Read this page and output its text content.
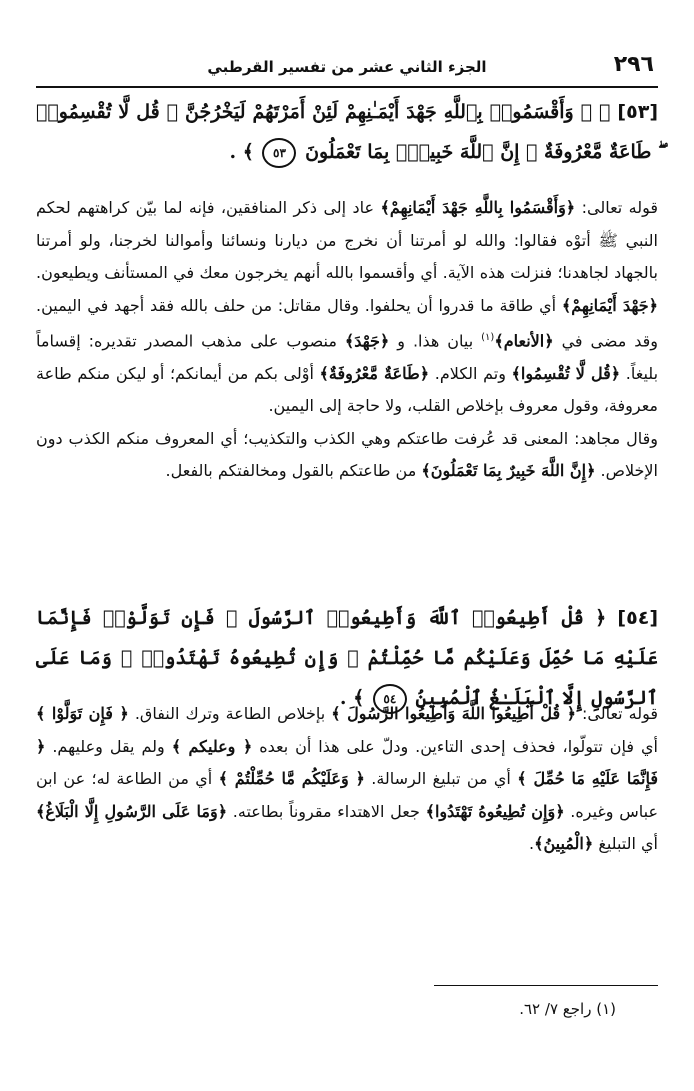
٢٩٦
الجزء الثاني عشر من تفسير القرطبي
[٥٣] ﴿ ۞ وَأَقْسَمُوا۟ بِٱللَّهِ جَهْدَ أَيْمَـٰنِهِمْ لَئِنْ أَمَرْتَهُمْ لَيَخْرُجُنَّ ۖ قُل لَّا تُقْسِمُوا۟ ۖ طَاعَةٌ مَّعْرُوفَةٌ ۚ إِنَّ ٱللَّهَ خَبِيرٌۢ بِمَا تَعْمَلُونَ ٥٣ ﴾ .
قوله تعالى: ﴿وَأَقْسَمُوا بِاللَّهِ جَهْدَ أَيْمَانِهِمْ﴾ عاد إلى ذكر المنافقين، فإنه لما بيّن كراهتهم لحكم النبي ﷺ أتوْه فقالوا: والله لو أمرتنا أن نخرج من ديارنا ونسائنا وأموالنا لخرجنا، ولو أمرتنا بالجهاد لجاهدنا؛ فنزلت هذه الآية. أي وأقسموا بالله أنهم يخرجون معك في المستأنف ويطيعون. ﴿جَهْدَ أَيْمَانِهِمْ﴾ أي طاقة ما قدروا أن يحلفوا. وقال مقاتل: من حلف بالله فقد أجهد في اليمين. وقد مضى في ﴿الأنعام﴾$^{(١)}$ بيان هذا. و ﴿جَهْدَ﴾ منصوب على مذهب المصدر تقديره: إقساماً بليغاً. ﴿قُل لَّا تُقْسِمُوا﴾ وتم الكلام. ﴿طَاعَةٌ مَّعْرُوفَةٌ﴾ أوْلى بكم من أيمانكم؛ أو ليكن منكم طاعة معروفة، وقول معروف بإخلاص القلب، ولا حاجة إلى اليمين.
وقال مجاهد: المعنى قد عُرفت طاعتكم وهي الكذب والتكذيب؛ أي المعروف منكم الكذب دون الإخلاص. ﴿إِنَّ اللَّهَ خَبِيرٌ بِمَا تَعْمَلُونَ﴾ من طاعتكم بالقول ومخالفتكم بالفعل.
[٥٤] ﴿ قُلْ أَطِيعُوا۟ ٱللَّهَ وَأَطِيعُوا۟ ٱلرَّسُولَ ۖ فَإِن تَوَلَّوْا۟ فَإِنَّمَا عَلَيْهِ مَا حُمِّلَ وَعَلَيْكُم مَّا حُمِّلْتُمْ ۖ وَإِن تُطِيعُوهُ تَهْتَدُوا۟ ۚ وَمَا عَلَى ٱلرَّسُولِ إِلَّا ٱلْبَلَـٰغُ ٱلْمُبِينُ ٥٤ ﴾ .
قوله تعالى: ﴿ قُلْ أَطِيعُوا اللَّهَ وَأَطِيعُوا الرَّسُولَ ﴾ بإخلاص الطاعة وترك النفاق. ﴿ فَإِن تَوَلَّوْا ﴾ أي فإن تتولّوا، فحذف إحدى التاءين. ودلّ على هذا أن بعده ﴿ وعليكم ﴾ ولم يقل وعليهم. ﴿ فَإِنَّمَا عَلَيْهِ مَا حُمِّلَ ﴾ أي من تبليغ الرسالة. ﴿ وَعَلَيْكُم مَّا حُمِّلْتُمْ ﴾ أي من الطاعة له؛ عن ابن عباس وغيره. ﴿وَإِن تُطِيعُوهُ تَهْتَدُوا﴾ جعل الاهتداء مقروناً بطاعته. ﴿وَمَا عَلَى الرَّسُولِ إِلَّا الْبَلَاغُ﴾ أي التبليغ ﴿الْمُبِينُ﴾.
(١) راجع ٧/ ٦٢.
